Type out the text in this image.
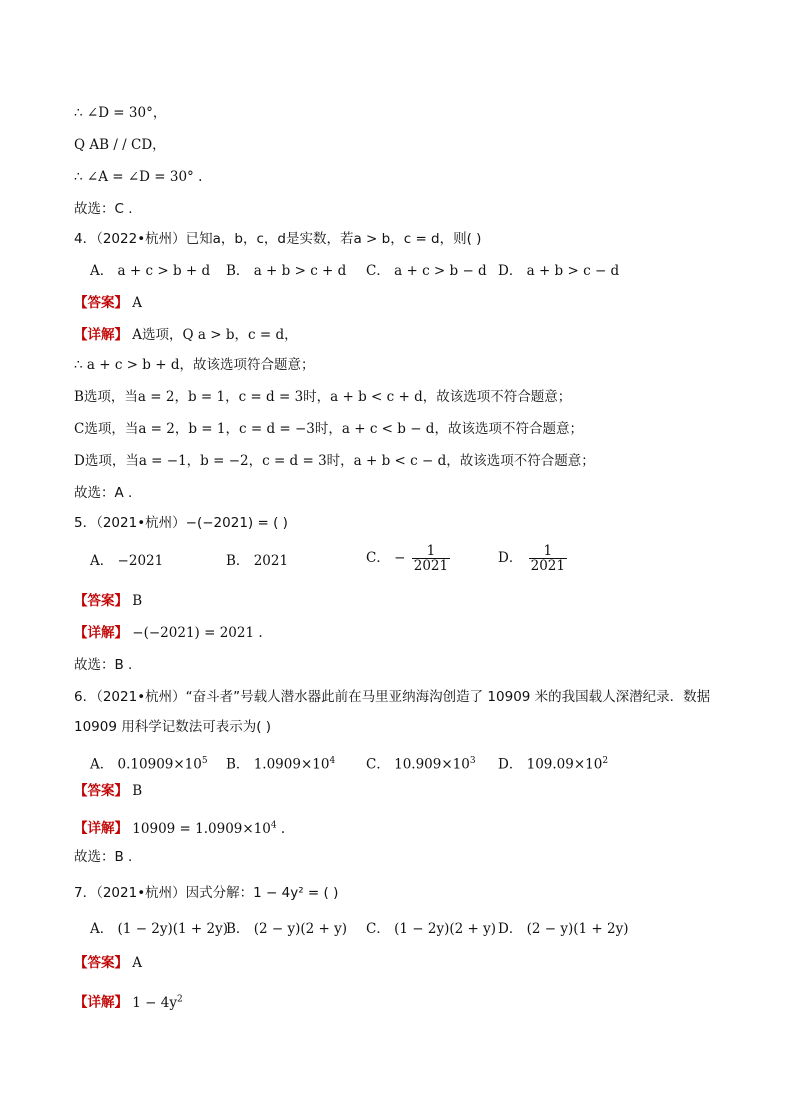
∴ ∠D = 30°，
Q AB / / CD，
∴ ∠A = ∠D = 30° .
故选：C .
4．（2022•杭州）已知a，b，c，d是实数，若a > b，c = d，则( )
A． a + c > b + d B． a + b > c + d C． a + c > b − d D． a + b > c − d
【答案】 A
【详解】 A选项，Q a > b，c = d，
∴ a + c > b + d，故该选项符合题意；
B选项，当a = 2，b = 1，c = d = 3时，a + b < c + d，故该选项不符合题意；
C选项，当a = 2，b = 1，c = d = −3时，a + c < b − d，故该选项不符合题意；
D选项，当a = −1，b = −2，c = d = 3时，a + b < c − d，故该选项不符合题意；
故选：A .
5．（2021•杭州）−(−2021) = ( )
A． −2021	B． 2021	C． − $\frac{1}{2021}$	D． $\frac{1}{2021}$
【答案】 B
【详解】 −(−2021) = 2021 .
故选：B .
6．（2021•杭州）“奋斗者”号载人潜水器此前在马里亚纳海沟创造了 10909 米的我国载人深潜纪录．数据
10909 用科学记数法可表示为( )
A． $0.10909\times 10^5$ B． $1.0909\times 10^4$ C． $10.909\times 10^3$ D． $109.09\times 10^2$
【答案】 B
【详解】 $10909 = 1.0909\times 10^4$ .
故选：B .
7．（2021•杭州）因式分解：1 − 4y² = ( )
A． (1 − 2y)(1 + 2y)
B． (2 − y)(2 + y) C． (1 − 2y)(2 + y) D． (2 − y)(1 + 2y)
【答案】 A
【详解】 $1 - 4y^2$
